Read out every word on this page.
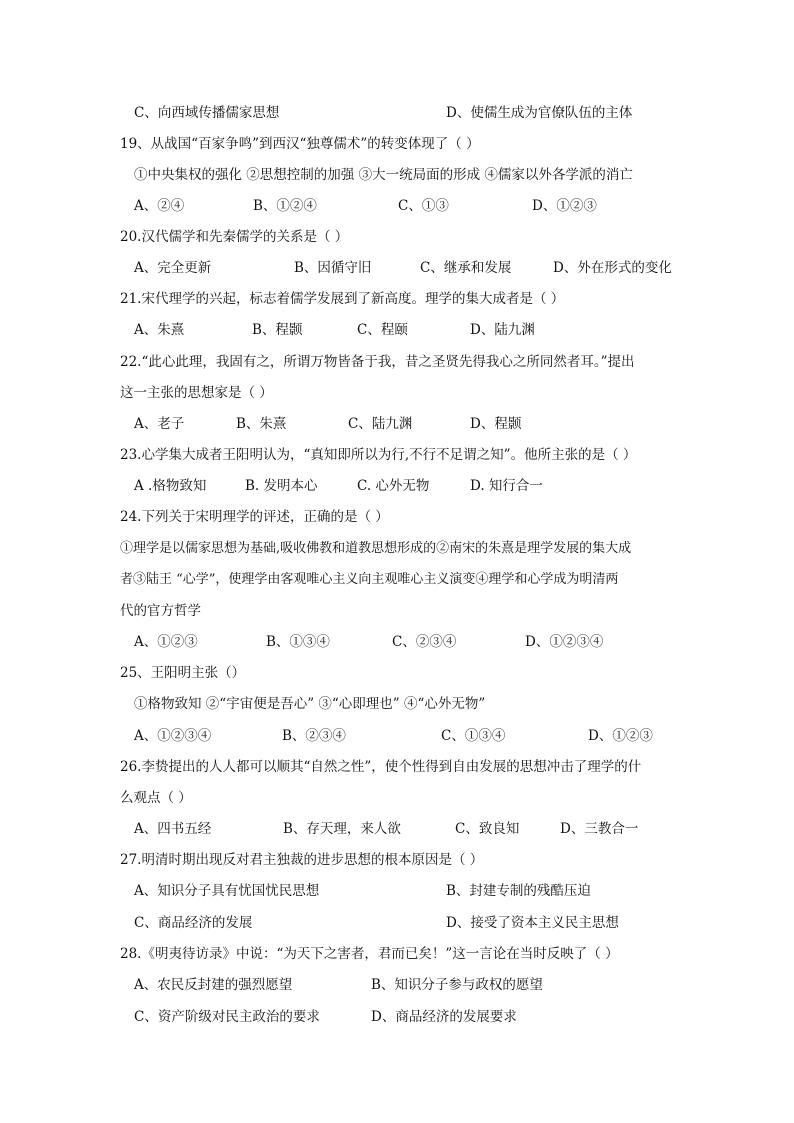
C、向西域传播儒家思想	D、使儒生成为官僚队伍的主体
19、从战国“百家争鸣”到西汉“独尊儒术”的转变体现了（ ）
①中央集权的强化 ②思想控制的加强 ③大一统局面的形成 ④儒家以外各学派的消亡
A、②④	B、①②④	C、①③	D、①②③
20.汉代儒学和先秦儒学的关系是（ ）
A、完全更新	B、因循守旧	C、继承和发展	D、外在形式的变化
21.宋代理学的兴起，标志着儒学发展到了新高度。理学的集大成者是（ ）
A、朱熹	B、程颢	C、程颐	D、陆九渊
22.“此心此理，我固有之，所谓万物皆备于我，昔之圣贤先得我心之所同然者耳。”提出
这一主张的思想家是（ ）
A、老子	B、朱熹	C、陆九渊	D、程颢
23.心学集大成者王阳明认为，“真知即所以为行,不行不足谓之知”。他所主张的是（ ）
A .格物致知	B. 发明本心	C. 心外无物	D. 知行合一
24.下列关于宋明理学的评述，正确的是（ ）
①理学是以儒家思想为基础,吸收佛教和道教思想形成的②南宋的朱熹是理学发展的集大成
者③陆王 “心学”，使理学由客观唯心主义向主观唯心主义演变④理学和心学成为明清两
代的官方哲学
A、①②③	B、①③④	C、②③④	D、①②③④
25、王阳明主张（）
①格物致知 ②“宇宙便是吾心” ③“心即理也” ④“心外无物”
A、①②③④	B、②③④	C、①③④	D、①②③
26.李贽提出的人人都可以顺其“自然之性”，使个性得到自由发展的思想冲击了理学的什
么观点（ ）
A、四书五经	B、存天理，来人欲	C、致良知	D、三教合一
27.明清时期出现反对君主独裁的进步思想的根本原因是（ ）
A、知识分子具有忧国忧民思想	B、封建专制的残酷压迫
C、商品经济的发展	D、接受了资本主义民主思想
28.《明夷待访录》中说：“为天下之害者，君而已矣！”这一言论在当时反映了（ ）
A、农民反封建的强烈愿望	B、知识分子参与政权的愿望
C、资产阶级对民主政治的要求	D、商品经济的发展要求
